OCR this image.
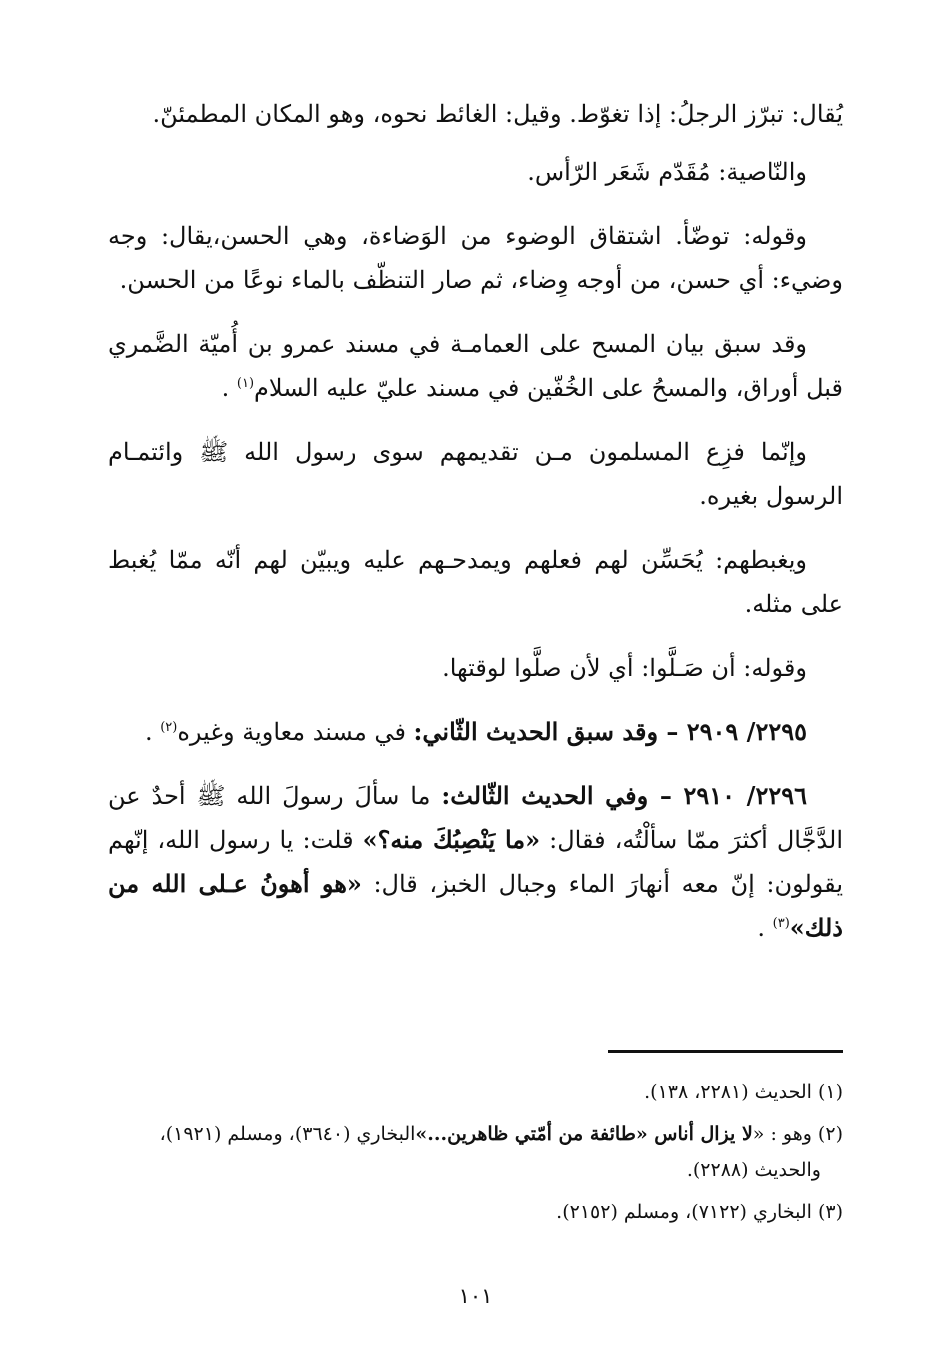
يُقال: تبرّز الرجلُ: إذا تغوّط. وقيل: الغائط نحوه، وهو المكان المطمئنّ.

والنّاصية: مُقَدّم شَعَر الرّأس.

وقوله: توضّأ. اشتقاق الوضوء من الوَضاءة، وهي الحسن،يقال: وجه وضيء: أي حسن، من أوجه وِضاء، ثم صار التنظّف بالماء نوعًا من الحسن.

وقد سبق بيان المسح على العمامـة في مسند عمرو بن أُميّة الضَّمري قبل أوراق، والمسحُ على الخُفّين في مسند عليّ عليه السلام$^{(١)}$ .

وإنّما فزِع المسلمون مـن تقديمهم سوى رسول الله ﷺ وائتمـام الرسول بغيره.

ويغبطهم: يُحَسِّن لهم فعلهم ويمدحـهم عليه ويبيّن لهم أنّه ممّا يُغبط على مثله.

وقوله: أن صَـلَّوا: أي لأن صلَّوا لوقتها.

٢٢٩٥/ ٢٩٠٩ – وقد سبق الحديث الثّاني: في مسند معاوية وغيره$^{(٢)}$ .

٢٢٩٦/ ٢٩١٠ – وفي الحديث الثّالث: ما سألَ رسولَ الله ﷺ أحدٌ عن الدَّجَّال أكثرَ ممّا سألْتُه، فقال: «ما يَنْصِبُكَ منه؟» قلت: يا رسول الله، إنّهم يقولون: إنّ معه أنهارَ الماء وجبال الخبز، قال: «هو أهونُ عـلى الله من ذلك»$^{(٣)}$ .

(١) الحديث (٢٢٨١، ١٣٨).

(٢) وهو : «لا يزال أناس «طائفة من أمّتي ظاهرين...»البخاري (٣٦٤٠)، ومسلم (١٩٢١)،
والحديث (٢٢٨٨).

(٣) البخاري (٧١٢٢)، ومسلم (٢١٥٢).

١٠١
